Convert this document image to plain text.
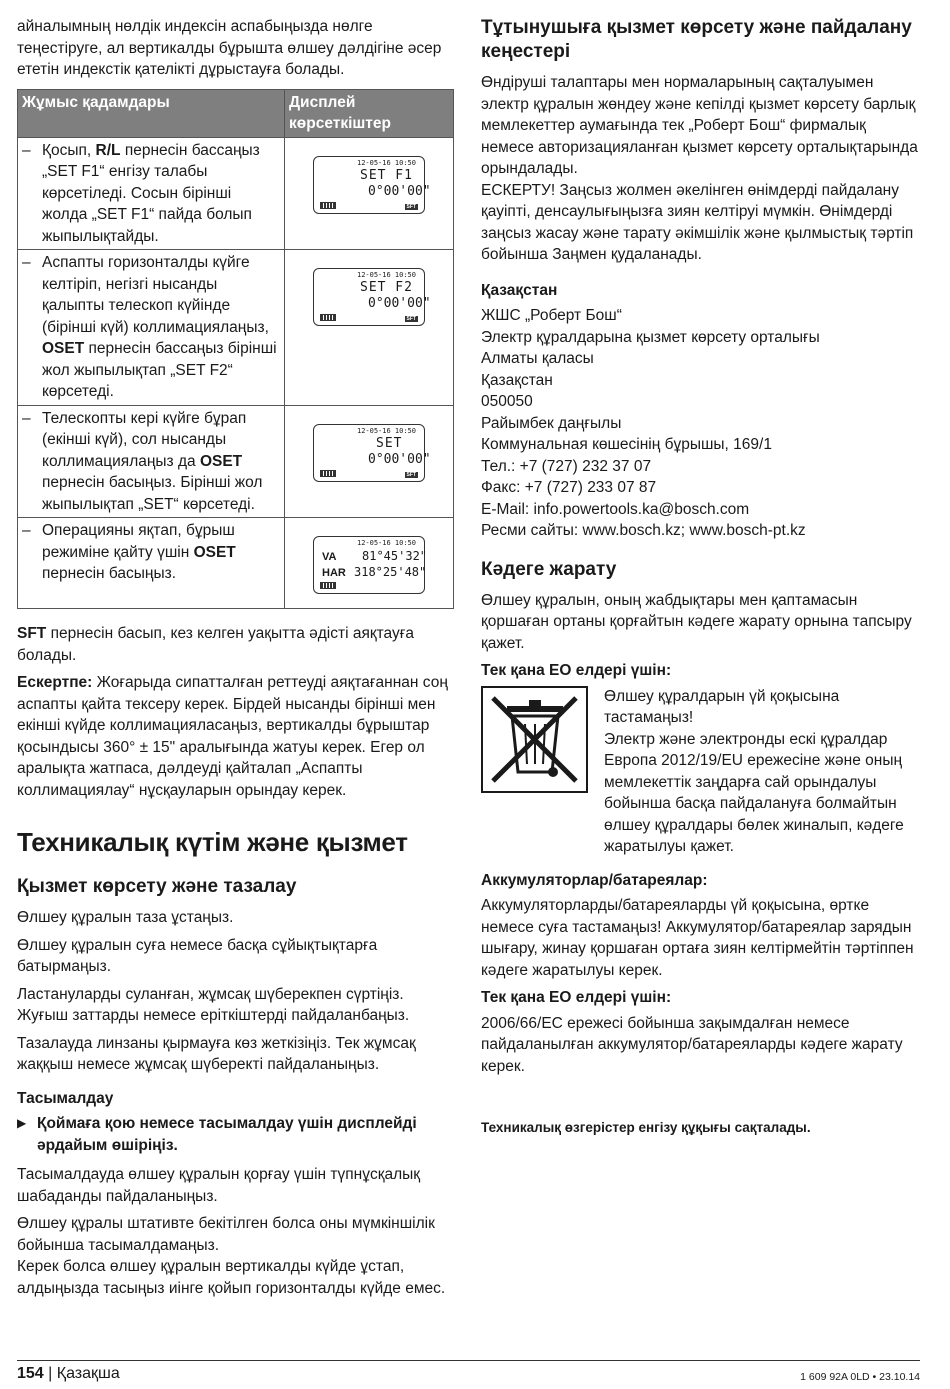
айналымның нөлдік индексін аспабыңызда нөлге теңестіруге, ал вертикалды бұрышта өлшеу дәлдігіне әсер ететін индекстік қателікті дұрыстауға болады.

Жұмыс қадамдары	Дисплей көрсеткіштер

– Қосып, R/L пернесін бассаңыз „SET F1“ енгізу талабы көрсетіледі. Сосын бірінші жолда „SET F1“ пайда болып жыпылықтайды.	12-05-16 10:50
SET F1
0°00'00"
SFT

– Аспапты горизонталды күйге келтіріп, негізгі нысанды қалыпты телескоп күйінде (бірінші күй) коллимациялаңыз, OSET пернесін бассаңыз бірінші жол жыпылықтап „SET F2“ көрсетеді.	12-05-16 10:50
SET F2
0°00'00"
SFT

– Телескопты кері күйге бұрап (екінші күй), сол нысанды коллимациялаңыз да OSET пернесін басыңыз. Бірінші жол жыпылықтап „SET“ көрсетеді.	12-05-16 10:50
SET
0°00'00"
SFT

– Операцияны яқтап, бұрыш режиміне қайту үшін OSET пернесін басыңыз.	12-05-16 10:50
VA
HAR
81°45'32"
318°25'48"

SFT пернесін басып, кез келген уақытта әдісті аяқтауға болады.

Ескертпе: Жоғарыда сипатталған реттеуді аяқтағаннан соң аспапты қайта тексеру керек. Бірдей нысанды бірінші мен екінші күйде коллимацияласаңыз, вертикалды бұрыштар қосындысы 360° ± 15" аралығында жатуы керек. Егер ол аралықта жатпаса, дәлдеуді қайталап „Аспапты коллимациялау“ нұсқауларын орындау керек.

Техникалық күтім және қызмет
Қызмет көрсету және тазалау

Өлшеу құралын таза ұстаңыз.

Өлшеу құралын суға немесе басқа сұйықтықтарға батырмаңыз.

Ластануларды суланған, жұмсақ шүберекпен сүртіңіз. Жуғыш заттарды немесе еріткіштерді пайдаланбаңыз.

Тазалауда линзаны қырмауға көз жеткізіңіз. Тек жұмсақ жаққыш немесе жұмсақ шүберекті пайдаланыңыз.

Тасымалдау
▶ Қоймаға қою немесе тасымалдау үшін дисплейді әрдайым өшіріңіз.

Тасымалдауда өлшеу құралын қорғау үшін түпнұсқалық шабаданды пайдаланыңыз.

Өлшеу құралы штативте бекітілген болса оны мүмкіншілік бойынша тасымалдамаңыз.

Керек болса өлшеу құралын вертикалды күйде ұстап, алдыңызда тасыңыз иінге қойып горизонталды күйде емес.

Тұтынушыға қызмет көрсету және пайдалану кеңестері

Өндіруші талаптары мен нормаларының сақталуымен электр құралын жөндеу және кепілді қызмет көрсету барлық мемлекеттер аумағында тек „Роберт Бош“ фирмалық немесе авторизацияланған қызмет көрсету орталықтарында орындалады.

ЕСКЕРТУ! Заңсыз жолмен әкелінген өнімдерді пайдалану қауіпті, денсаулығыңызға зиян келтіруі мүмкін. Өнімдерді заңсыз жасау және тарату әкімшілік және қылмыстық тәртіп бойынша Заңмен қудаланады.

Қазақстан

ЖШС „Роберт Бош“

Электр құралдарына қызмет көрсету орталығы

Алматы қаласы

Қазақстан

050050

Райымбек даңғылы

Коммунальная көшесінің бұрышы, 169/1

Тел.: +7 (727) 232 37 07

Факс: +7 (727) 233 07 87

E-Mail: info.powertools.ka@bosch.com

Ресми сайты: www.bosch.kz; www.bosch-pt.kz

Кәдеге жарату

Өлшеу құралын, оның жабдықтары мен қаптамасын қоршаған ортаны қорғайтын кәдеге жарату орнына тапсыру қажет.

Тек қана ЕО елдері үшін:

Өлшеу құралдарын үй қоқысына тастамаңыз!

Электр және электронды ескі құралдар Европа 2012/19/EU ережесіне және оның мемлекеттік заңдарға сай орындалуы бойынша басқа пайдалануға болмайтын өлшеу құралдары бөлек жиналып, кәдеге жаратылуы қажет.

Аккумуляторлар/батареялар:

Аккумуляторларды/батареяларды үй қоқысына, өртке немесе суға тастамаңыз! Аккумулятор/батареялар зарядын шығару, жинау қоршаған ортаға зиян келтірмейтін тәртіппен кәдеге жаратылуы керек.

Тек қана ЕО елдері үшін:

2006/66/EC ережесі бойынша зақымдалған немесе пайдаланылған аккумулятор/батареяларды кәдеге жарату керек.

Техникалық өзгерістер енгізу құқығы сақталады.
154 | Қазақша	1 609 92A 0LD • 23.10.14
